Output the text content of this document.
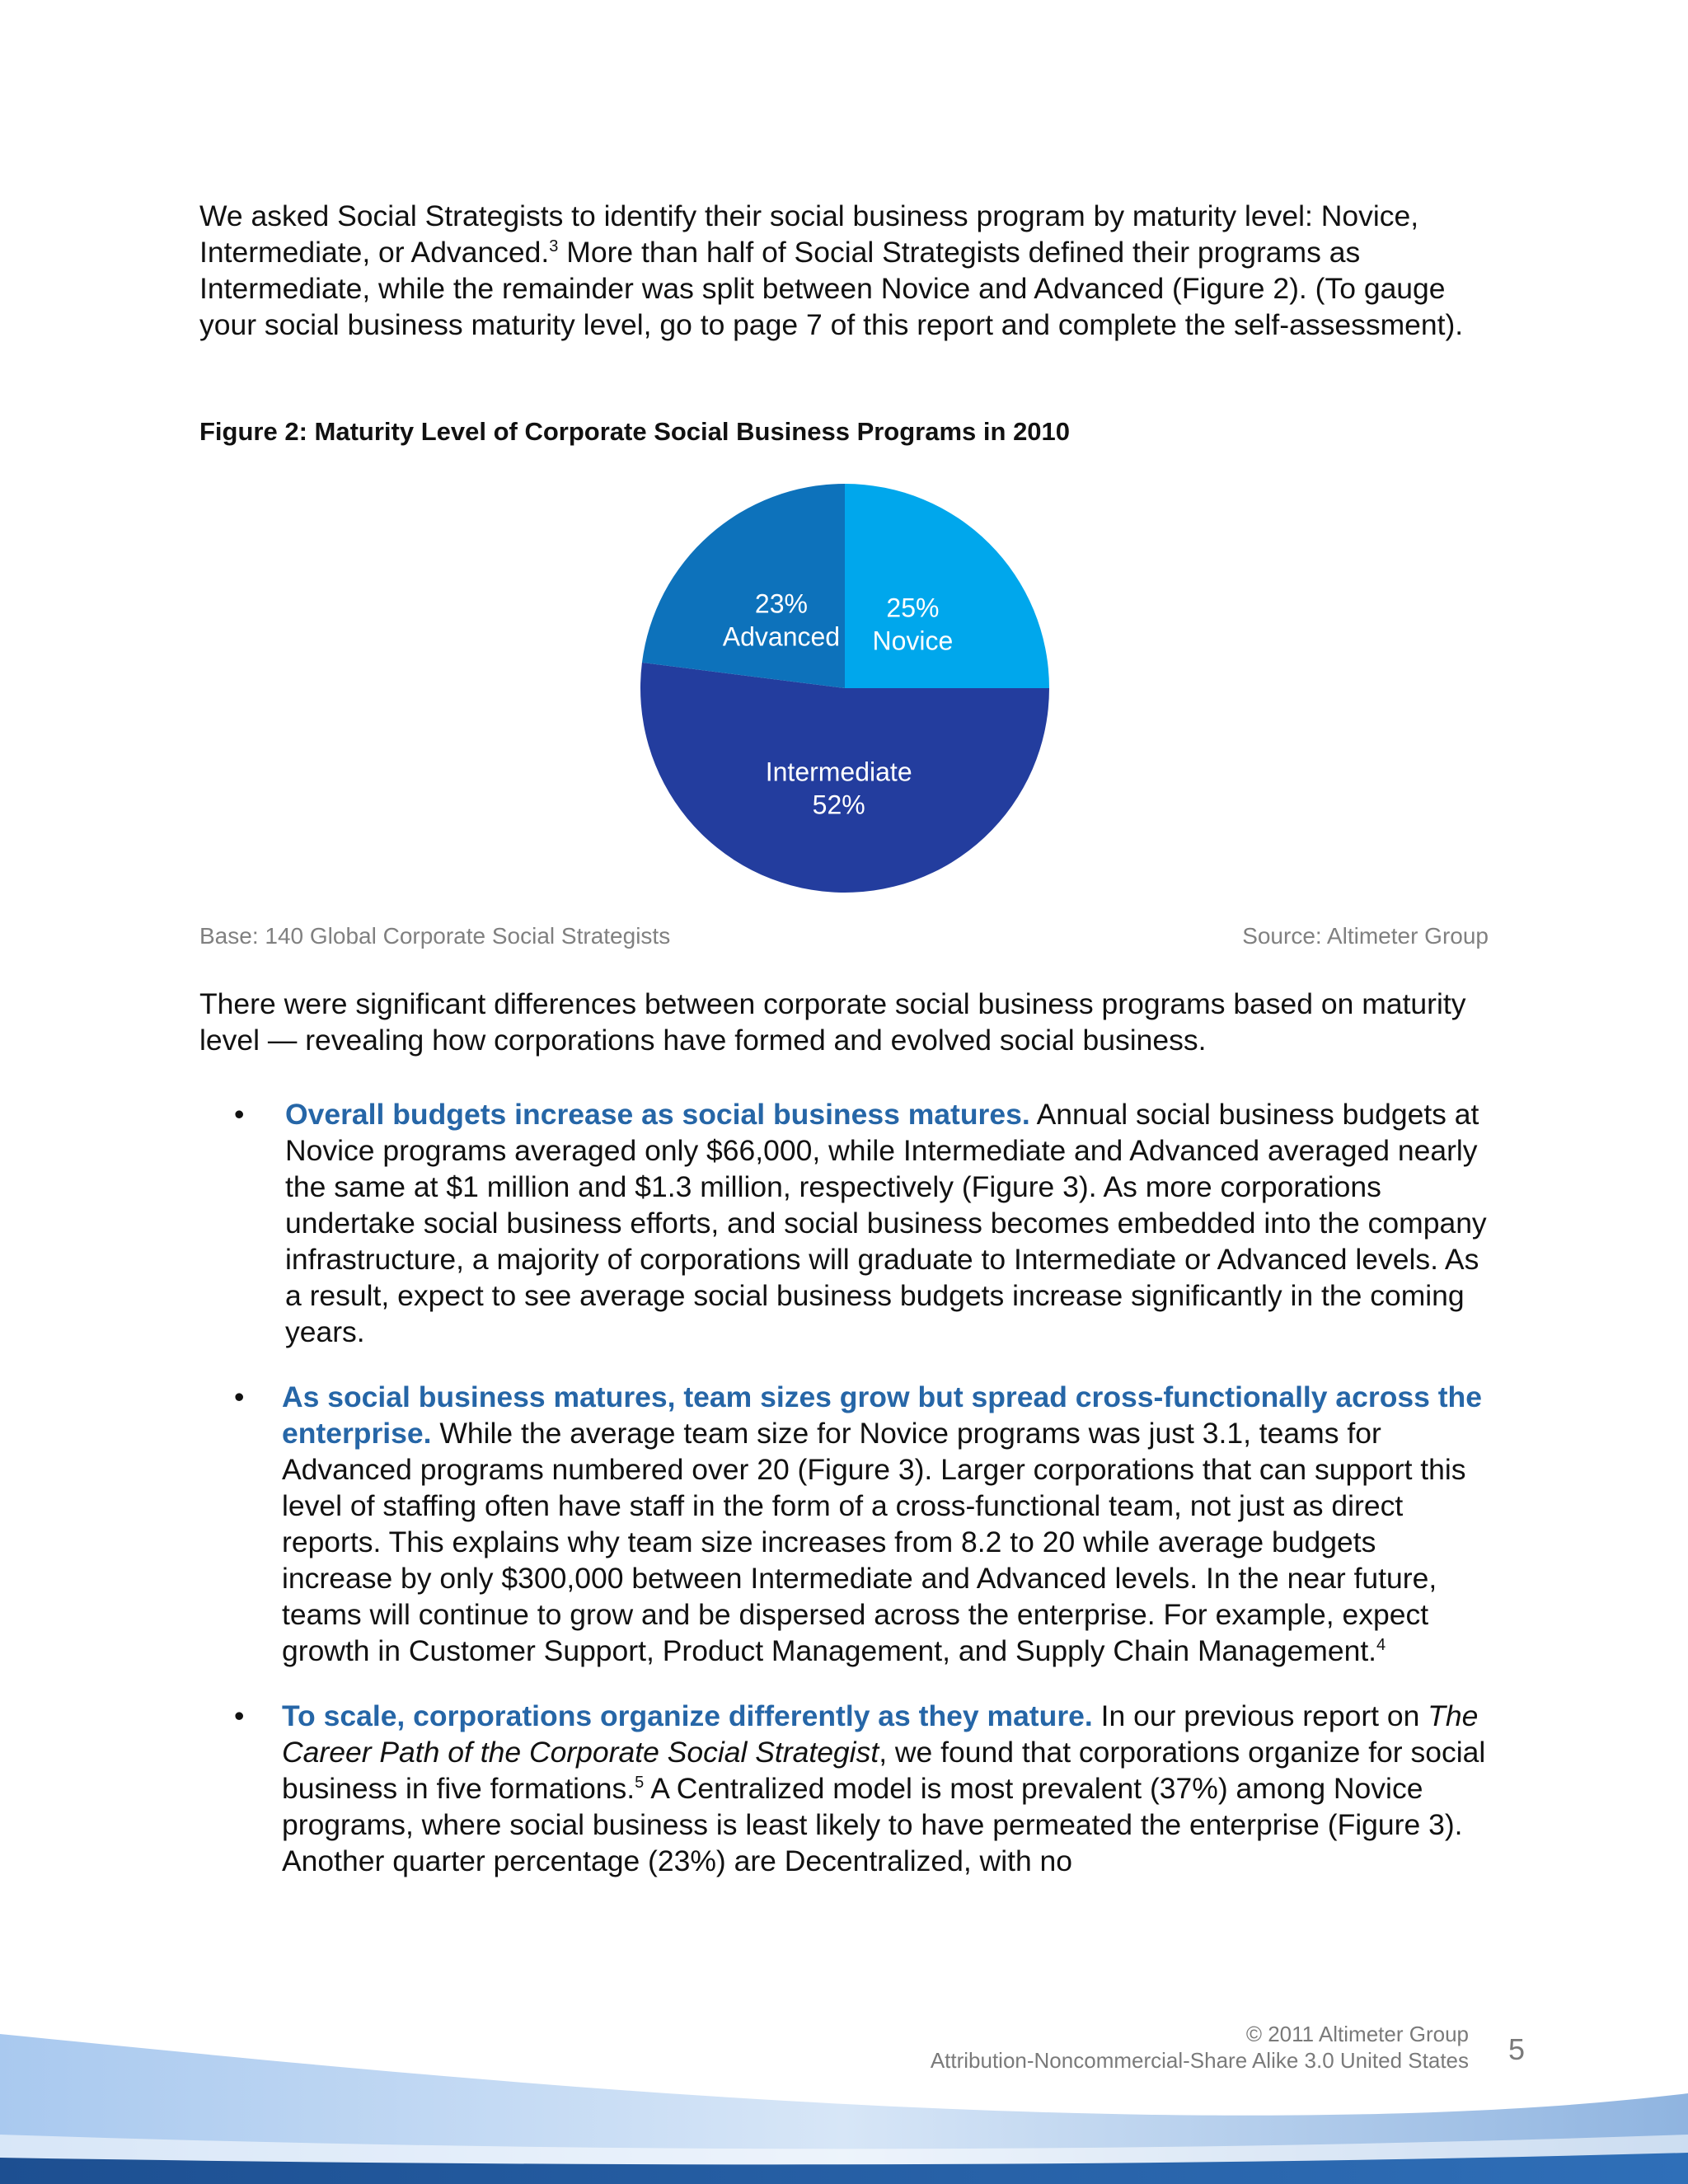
We asked Social Strategists to identify their social business program by maturity level: Novice, Intermediate, or Advanced.$^3$ More than half of Social Strategists defined their programs as Intermediate, while the remainder was split between Novice and Advanced (Figure 2). (To gauge your social business maturity level, go to page 7 of this report and complete the self-assessment).

Figure 2: Maturity Level of Corporate Social Business Programs in 2010

25%
Novice
Intermediate
52%
23%
Advanced

Base: 140 Global Corporate Social Strategists	Source: Altimeter Group

There were significant differences between corporate social business programs based on maturity level — revealing how corporations have formed and evolved social business.

• Overall budgets increase as social business matures. Annual social business budgets at Novice programs averaged only $66,000, while Intermediate and Advanced averaged nearly the same at $1 million and $1.3 million, respectively (Figure 3). As more corporations undertake social business efforts, and social business becomes embedded into the company infrastructure, a majority of corporations will graduate to Intermediate or Advanced levels. As a result, expect to see average social business budgets increase significantly in the coming years.
• As social business matures, team sizes grow but spread cross-functionally across the enterprise. While the average team size for Novice programs was just 3.1, teams for Advanced programs numbered over 20 (Figure 3). Larger corporations that can support this level of staffing often have staff in the form of a cross-functional team, not just as direct reports. This explains why team size increases from 8.2 to 20 while average budgets increase by only $300,000 between Intermediate and Advanced levels. In the near future, teams will continue to grow and be dispersed across the enterprise. For example, expect growth in Customer Support, Product Management, and Supply Chain Management.$^4$
• To scale, corporations organize differently as they mature. In our previous report on The Career Path of the Corporate Social Strategist, we found that corporations organize for social business in five formations.$^5$ A Centralized model is most prevalent (37%) among Novice programs, where social business is least likely to have permeated the enterprise (Figure 3). Another quarter percentage (23%) are Decentralized, with no
© 2011 Altimeter Group
Attribution-Noncommercial-Share Alike 3.0 United States 5
